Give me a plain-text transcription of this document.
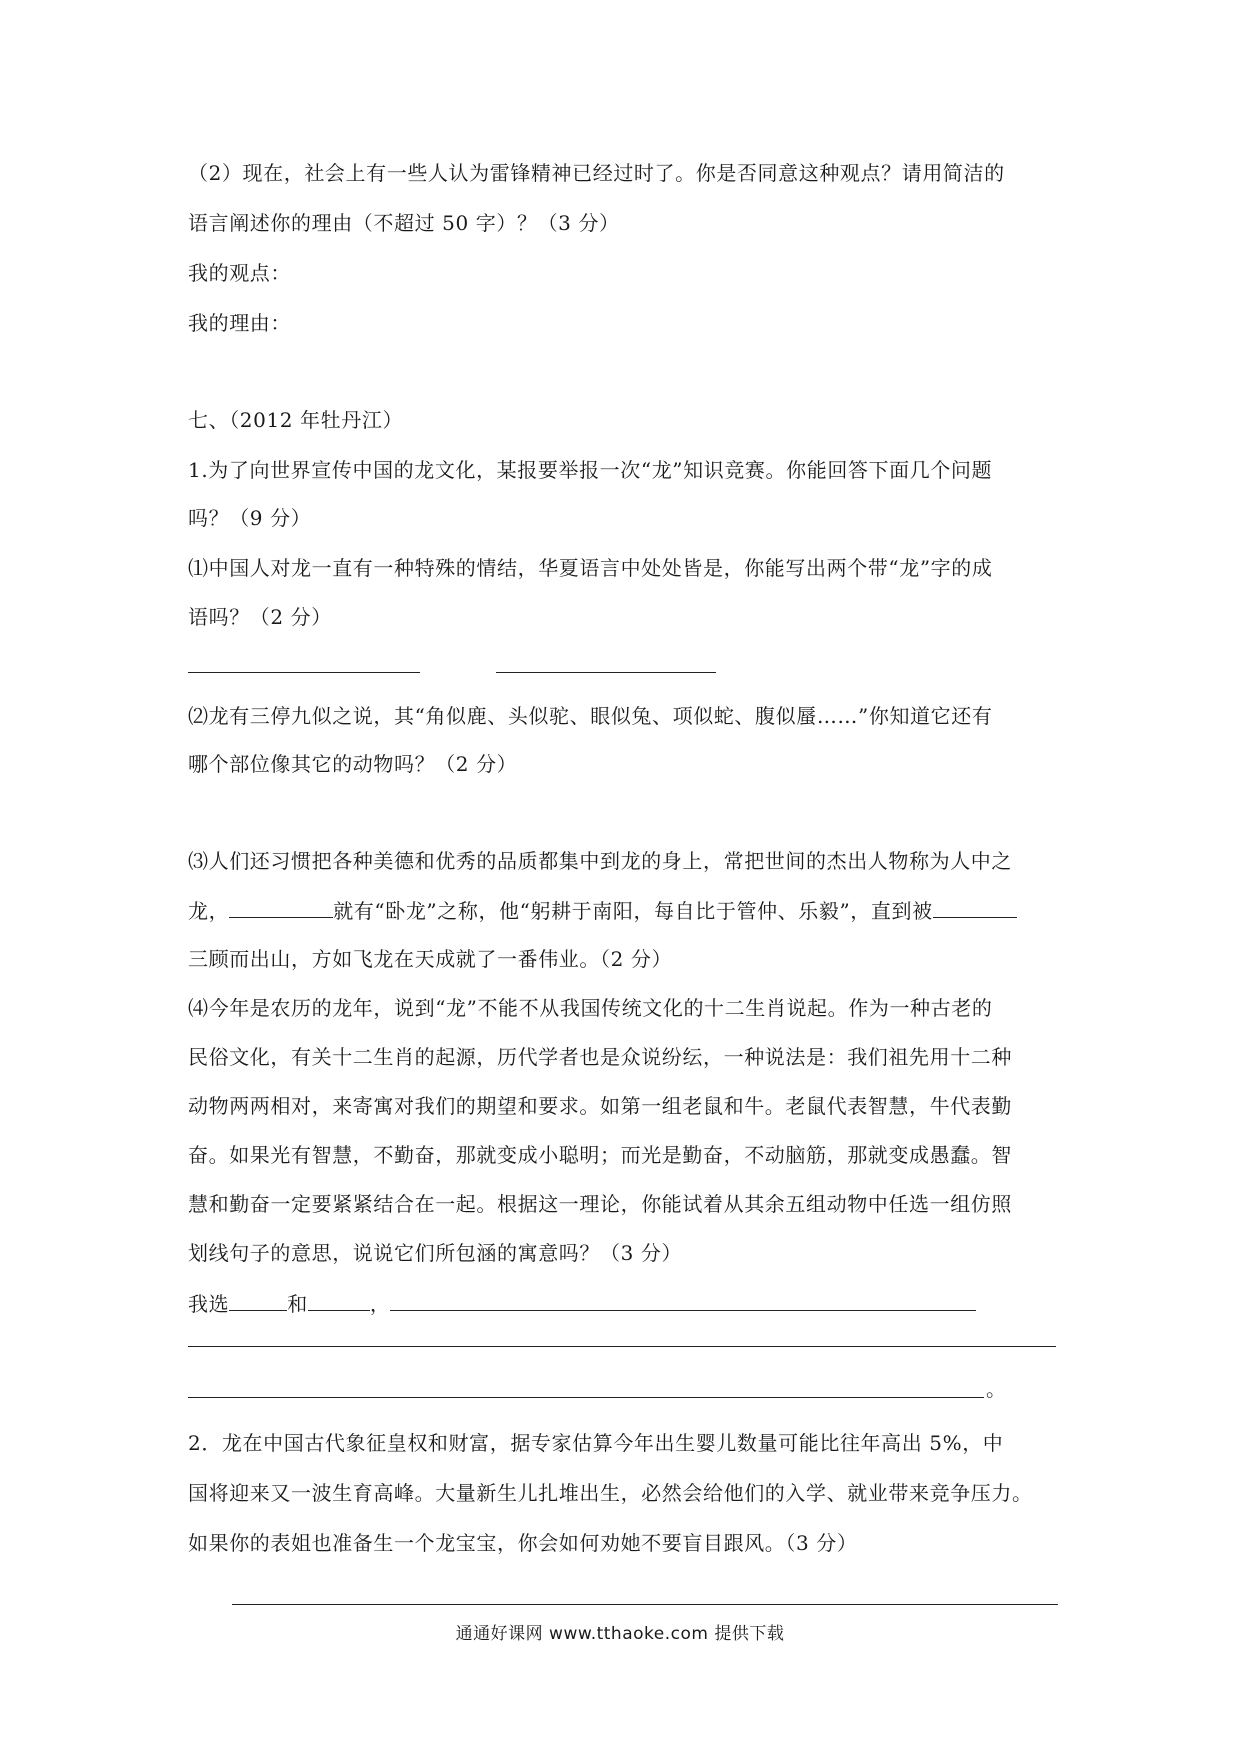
（2）现在，社会上有一些人认为雷锋精神已经过时了。你是否同意这种观点？请用简洁的
语言阐述你的理由（不超过 50 字）？（3 分）
我的观点：
我的理由：
七、（2012 年牡丹江）
1.为了向世界宣传中国的龙文化，某报要举报一次“龙”知识竞赛。你能回答下面几个问题
吗？（9 分）
⑴中国人对龙一直有一种特殊的情结，华夏语言中处处皆是，你能写出两个带“龙”字的成
语吗？（2 分）
⑵龙有三停九似之说，其“角似鹿、头似驼、眼似兔、项似蛇、腹似蜃……”你知道它还有
哪个部位像其它的动物吗？（2 分）
⑶人们还习惯把各种美德和优秀的品质都集中到龙的身上，常把世间的杰出人物称为人中之
龙，	就有“卧龙”之称，他“躬耕于南阳，每自比于管仲、乐毅”，直到被
三顾而出山，方如飞龙在天成就了一番伟业。（2 分）
⑷今年是农历的龙年，说到“龙”不能不从我国传统文化的十二生肖说起。作为一种古老的
民俗文化，有关十二生肖的起源，历代学者也是众说纷纭，一种说法是：我们祖先用十二种
动物两两相对，来寄寓对我们的期望和要求。如第一组老鼠和牛。老鼠代表智慧，牛代表勤
奋。如果光有智慧，不勤奋，那就变成小聪明；而光是勤奋，不动脑筋，那就变成愚蠢。智
慧和勤奋一定要紧紧结合在一起。根据这一理论，你能试着从其余五组动物中任选一组仿照
划线句子的意思，说说它们所包涵的寓意吗？（3 分）
我选	和	，
。
2．龙在中国古代象征皇权和财富，据专家估算今年出生婴儿数量可能比往年高出 5%，中
国将迎来又一波生育高峰。大量新生儿扎堆出生，必然会给他们的入学、就业带来竞争压力。
如果你的表姐也准备生一个龙宝宝，你会如何劝她不要盲目跟风。（3 分）
通通好课网 www.tthaoke.com 提供下载
